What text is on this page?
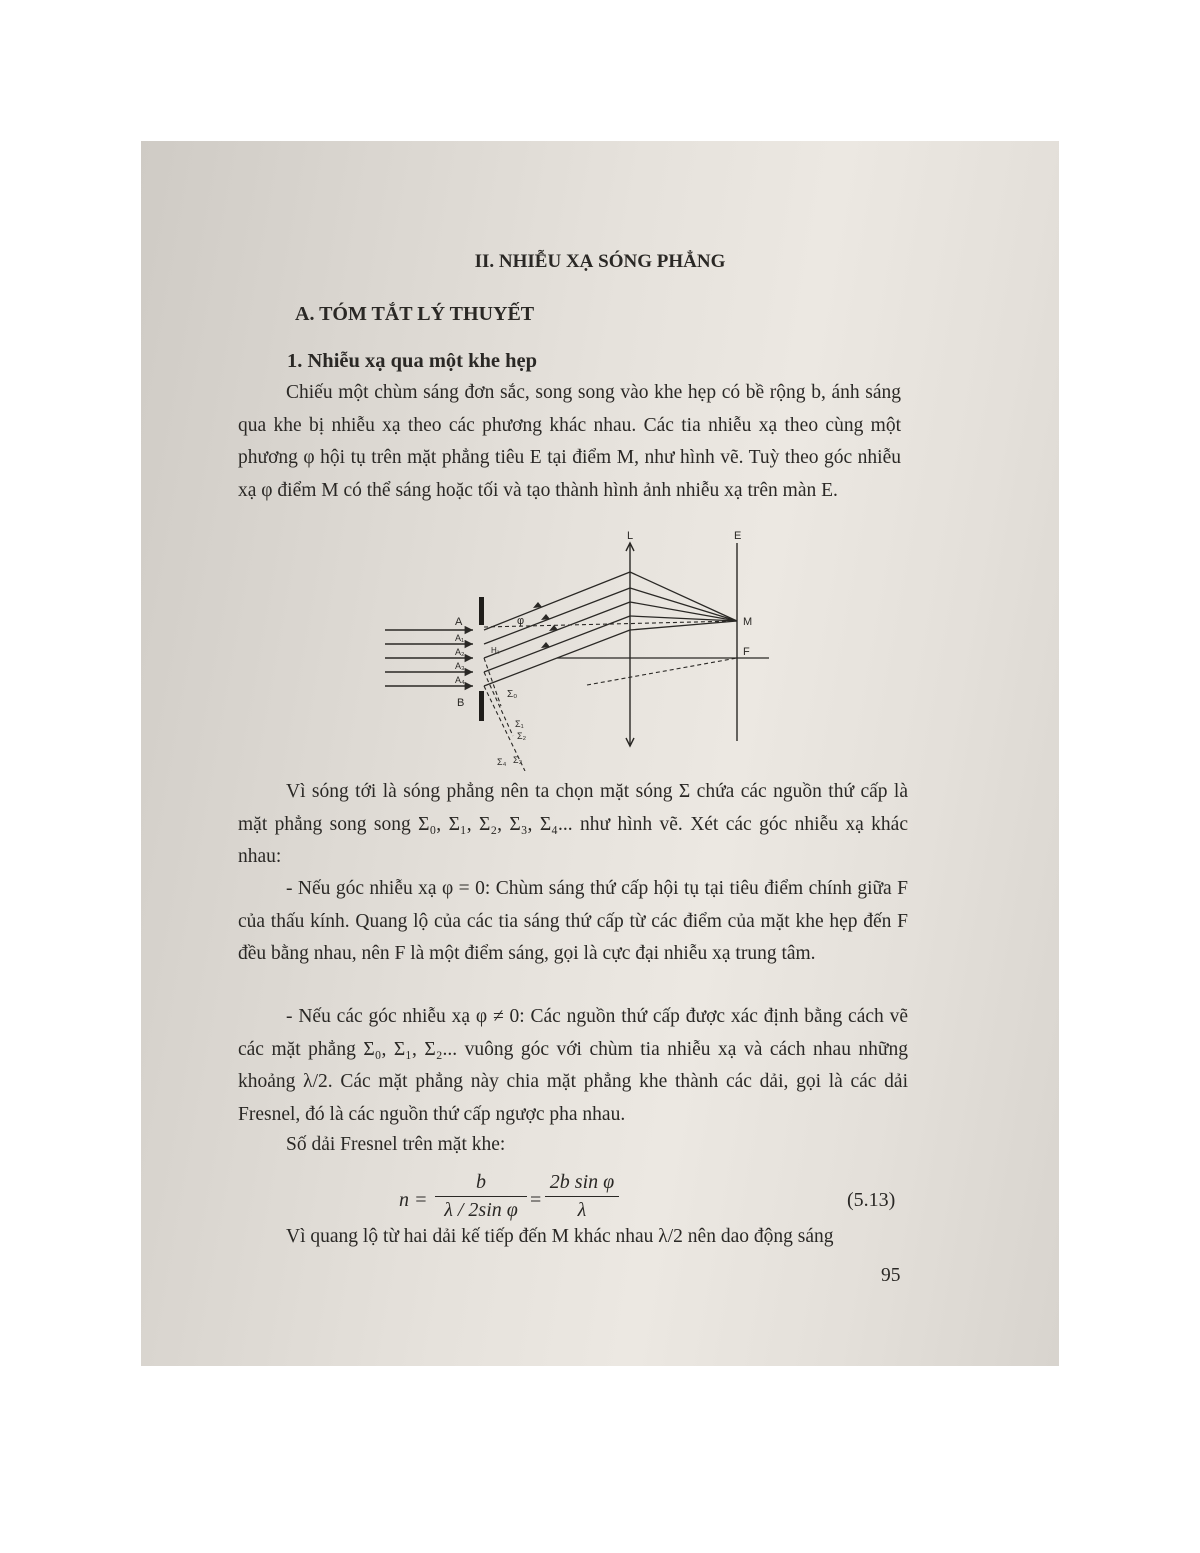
II. NHIỄU XẠ SÓNG PHẲNG
A. TÓM TẮT LÝ THUYẾT
1. Nhiễu xạ qua một khe hẹp

Chiếu một chùm sáng đơn sắc, song song vào khe hẹp có bề rộng b, ánh sáng qua khe bị nhiễu xạ theo các phương khác nhau. Các tia nhiễu xạ theo cùng một phương φ hội tụ trên mặt phẳng tiêu E tại điểm M, như hình vẽ. Tuỳ theo góc nhiễu xạ φ điểm M có thể sáng hoặc tối và tạo thành hình ảnh nhiễu xạ trên màn E.

L	E
M
F
A
A₁
A₂
A₃
A₄
B
φ
H₁
Σ₀
Σ₁
Σ₂
Σ₃
Σ₄

Vì sóng tới là sóng phẳng nên ta chọn mặt sóng Σ chứa các nguồn thứ cấp là mặt phẳng song song Σ₀, Σ₁, Σ₂, Σ₃, Σ₄... như hình vẽ. Xét các góc nhiễu xạ khác nhau:

- Nếu góc nhiễu xạ φ = 0: Chùm sáng thứ cấp hội tụ tại tiêu điểm chính giữa F của thấu kính. Quang lộ của các tia sáng thứ cấp từ các điểm của mặt khe hẹp đến F đều bằng nhau, nên F là một điểm sáng, gọi là cực đại nhiễu xạ trung tâm.

- Nếu các góc nhiễu xạ φ ≠ 0: Các nguồn thứ cấp được xác định bằng cách vẽ các mặt phẳng Σ₀, Σ₁, Σ₂... vuông góc với chùm tia nhiễu xạ và cách nhau những khoảng λ/2. Các mặt phẳng này chia mặt phẳng khe thành các dải, gọi là các dải Fresnel, đó là các nguồn thứ cấp ngược pha nhau.

Số dải Fresnel trên mặt khe:

$n = \frac{b}{\text{λ / 2sin φ}} = \frac{\text{2b sin φ}}{\lambda}$	(5.13)

Vì quang lộ từ hai dải kế tiếp đến M khác nhau λ/2 nên dao động sáng

95
